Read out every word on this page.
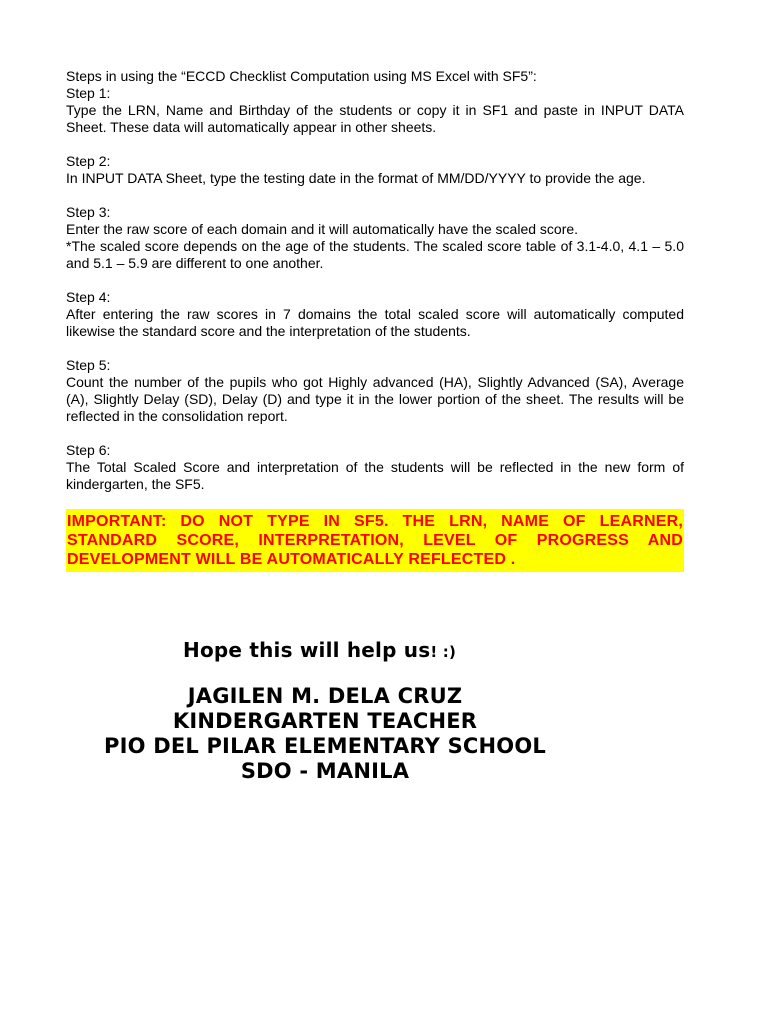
Steps in using the “ECCD Checklist Computation using MS Excel with SF5”:

Step 1:

Type the LRN, Name and Birthday of the students or copy it in SF1 and paste in INPUT DATA Sheet. These data will automatically appear in other sheets.

Step 2:

In INPUT DATA Sheet, type the testing date in the format of MM/DD/YYYY to provide the age.

Step 3:

Enter the raw score of each domain and it will automatically have the scaled score.

*The scaled score depends on the age of the students. The scaled score table of 3.1-4.0, 4.1 – 5.0 and 5.1 – 5.9 are different to one another.

Step 4:

After entering the raw scores in 7 domains the total scaled score will automatically computed likewise the standard score and the interpretation of the students.

Step 5:

Count the number of the pupils who got Highly advanced (HA), Slightly Advanced (SA), Average (A), Slightly Delay (SD), Delay (D) and type it in the lower portion of the sheet. The results will be reflected in the consolidation report.

Step 6:

The Total Scaled Score and interpretation of the students will be reflected in the new form of kindergarten, the SF5.

IMPORTANT: DO NOT TYPE IN SF5. THE LRN, NAME OF LEARNER, STANDARD SCORE, INTERPRETATION, LEVEL OF PROGRESS AND DEVELOPMENT WILL BE AUTOMATICALLY REFLECTED .
Hope this will help us! :)
JAGILEN M. DELA CRUZ
KINDERGARTEN TEACHER
PIO DEL PILAR ELEMENTARY SCHOOL
SDO - MANILA
